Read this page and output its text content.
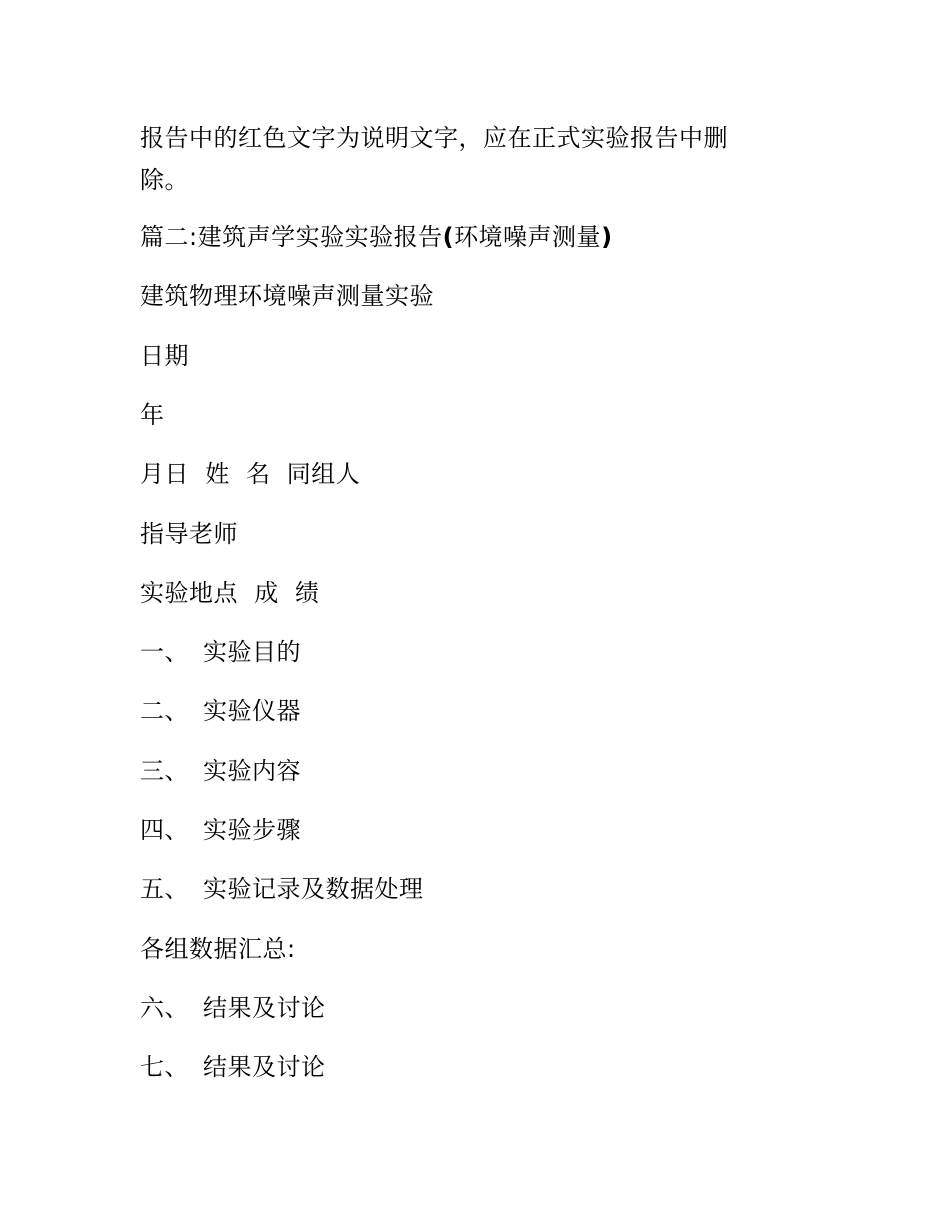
报告中的红色文字为说明文字，应在正式实验报告中删
除。

篇二:建筑声学实验实验报告(环境噪声测量)

建筑物理环境噪声测量实验

日期

年

月日  姓  名  同组人

指导老师

实验地点  成  绩

一、 实验目的

二、 实验仪器

三、 实验内容

四、 实验步骤

五、 实验记录及数据处理

各组数据汇总:

六、 结果及讨论

七、 结果及讨论
